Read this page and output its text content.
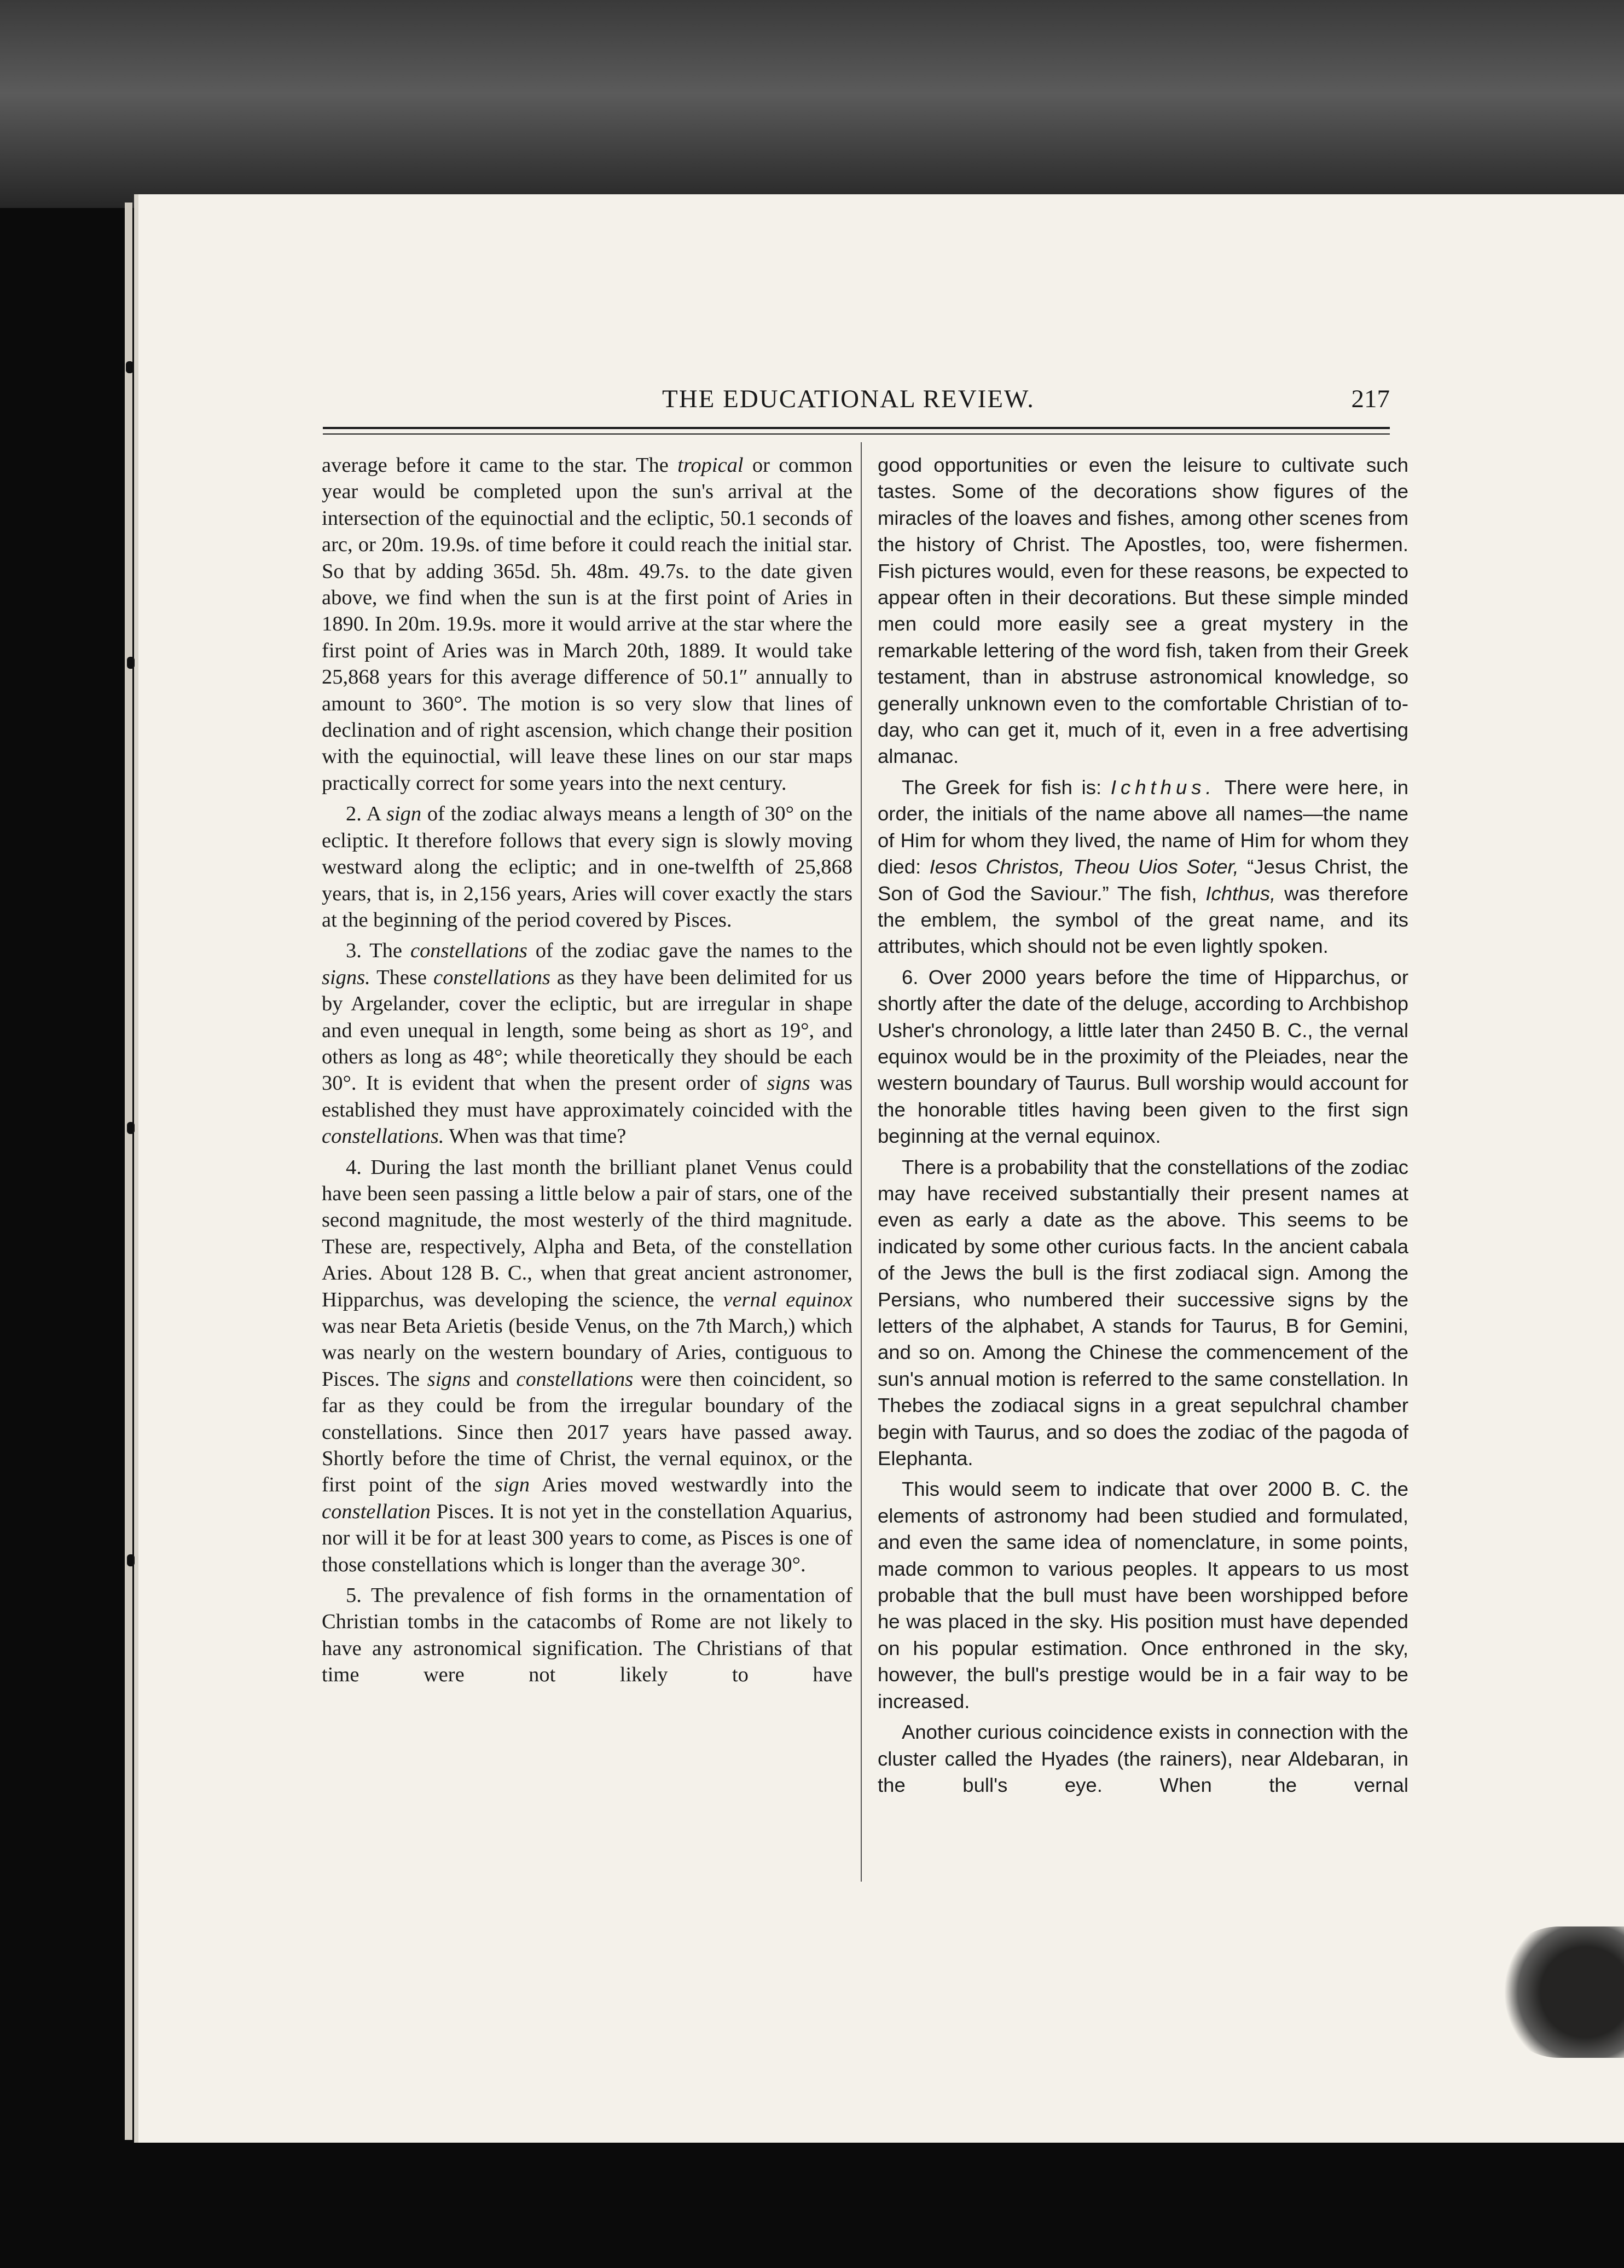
THE EDUCATIONAL REVIEW.	217

average before it came to the star. The tropical or common year would be completed upon the sun's arrival at the intersection of the equinoctial and the ecliptic, 50.1 seconds of arc, or 20m. 19.9s. of time before it could reach the initial star. So that by adding 365d. 5h. 48m. 49.7s. to the date given above, we find when the sun is at the first point of Aries in 1890. In 20m. 19.9s. more it would arrive at the star where the first point of Aries was in March 20th, 1889. It would take 25,868 years for this average difference of 50.1″ annually to amount to 360°. The motion is so very slow that lines of declination and of right ascension, which change their position with the equinoctial, will leave these lines on our star maps practically correct for some years into the next century.

2. A sign of the zodiac always means a length of 30° on the ecliptic. It therefore follows that every sign is slowly moving westward along the ecliptic; and in one-twelfth of 25,868 years, that is, in 2,156 years, Aries will cover exactly the stars at the beginning of the period covered by Pisces.

3. The constellations of the zodiac gave the names to the signs. These constellations as they have been delimited for us by Argelander, cover the ecliptic, but are irregular in shape and even unequal in length, some being as short as 19°, and others as long as 48°; while theoretically they should be each 30°. It is evident that when the present order of signs was established they must have approximately coincided with the constellations. When was that time?

4. During the last month the brilliant planet Venus could have been seen passing a little below a pair of stars, one of the second magnitude, the most westerly of the third magnitude. These are, respectively, Alpha and Beta, of the constellation Aries. About 128 B. C., when that great ancient astronomer, Hipparchus, was developing the science, the vernal equinox was near Beta Arietis (beside Venus, on the 7th March,) which was nearly on the western boundary of Aries, contiguous to Pisces. The signs and constellations were then coincident, so far as they could be from the irregular boundary of the constellations. Since then 2017 years have passed away. Shortly before the time of Christ, the vernal equinox, or the first point of the sign Aries moved westwardly into the constellation Pisces. It is not yet in the constellation Aquarius, nor will it be for at least 300 years to come, as Pisces is one of those constellations which is longer than the average 30°.

5. The prevalence of fish forms in the ornamentation of Christian tombs in the catacombs of Rome are not likely to have any astronomical signification. The Christians of that time were not likely to have

good opportunities or even the leisure to cultivate such tastes. Some of the decorations show figures of the miracles of the loaves and fishes, among other scenes from the history of Christ. The Apostles, too, were fishermen. Fish pictures would, even for these reasons, be expected to appear often in their decorations. But these simple minded men could more easily see a great mystery in the remarkable lettering of the word fish, taken from their Greek testament, than in abstruse astronomical knowledge, so generally unknown even to the comfortable Christian of to-day, who can get it, much of it, even in a free advertising almanac.

The Greek for fish is: Ichthus. There were here, in order, the initials of the name above all names—the name of Him for whom they lived, the name of Him for whom they died: Iesos Christos, Theou Uios Soter, “Jesus Christ, the Son of God the Saviour.” The fish, Ichthus, was therefore the emblem, the symbol of the great name, and its attributes, which should not be even lightly spoken.

6. Over 2000 years before the time of Hipparchus, or shortly after the date of the deluge, according to Archbishop Usher's chronology, a little later than 2450 B. C., the vernal equinox would be in the proximity of the Pleiades, near the western boundary of Taurus. Bull worship would account for the honorable titles having been given to the first sign beginning at the vernal equinox.

There is a probability that the constellations of the zodiac may have received substantially their present names at even as early a date as the above. This seems to be indicated by some other curious facts. In the ancient cabala of the Jews the bull is the first zodiacal sign. Among the Persians, who numbered their successive signs by the letters of the alphabet, A stands for Taurus, B for Gemini, and so on. Among the Chinese the commencement of the sun's annual motion is referred to the same constellation. In Thebes the zodiacal signs in a great sepulchral chamber begin with Taurus, and so does the zodiac of the pagoda of Elephanta.

This would seem to indicate that over 2000 B. C. the elements of astronomy had been studied and formulated, and even the same idea of nomenclature, in some points, made common to various peoples. It appears to us most probable that the bull must have been worshipped before he was placed in the sky. His position must have depended on his popular estimation. Once enthroned in the sky, however, the bull's prestige would be in a fair way to be increased.

Another curious coincidence exists in connection with the cluster called the Hyades (the rainers), near Aldebaran, in the bull's eye. When the vernal
